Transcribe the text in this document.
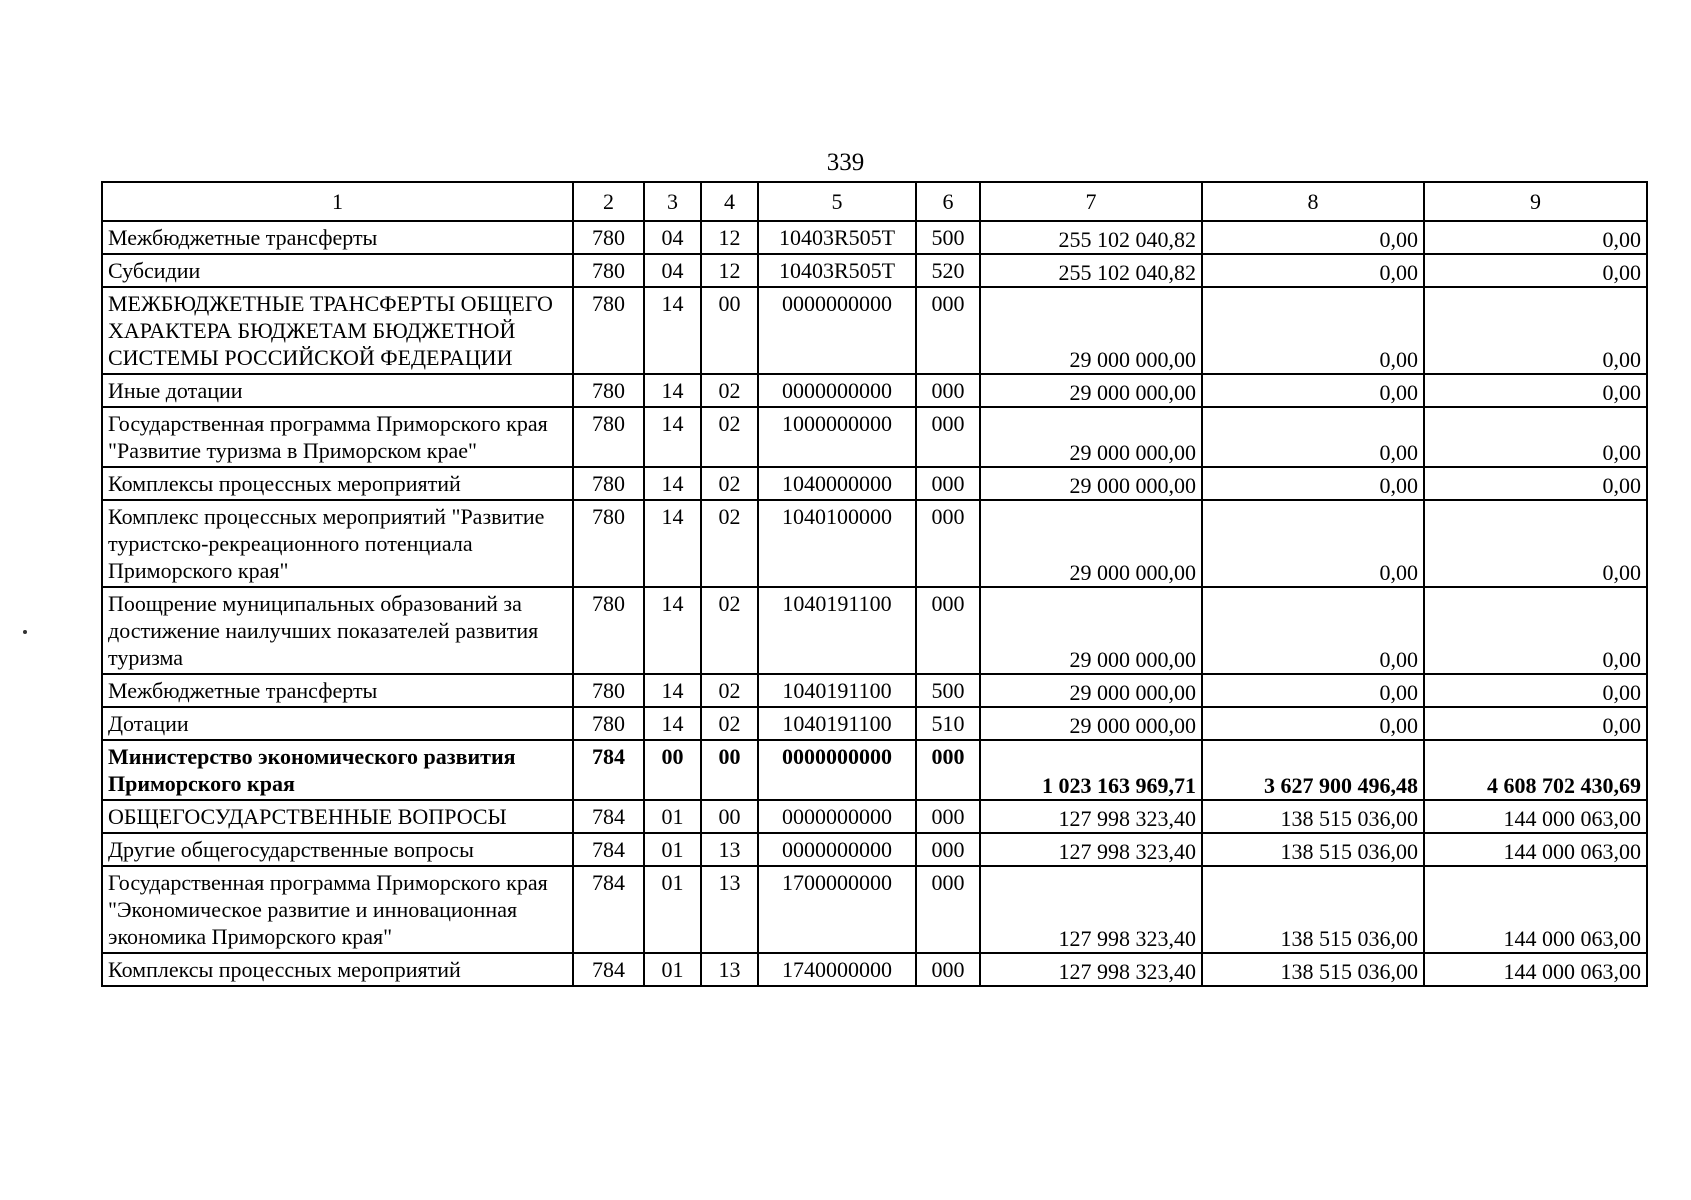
339
1	2	3	4	5	6	7	8	9
Межбюджетные трансферты	780	04	12	10403R505T	500	255 102 040,82	0,00	0,00
Субсидии	780	04	12	10403R505T	520	255 102 040,82	0,00	0,00
МЕЖБЮДЖЕТНЫЕ ТРАНСФЕРТЫ ОБЩЕГО ХАРАКТЕРА БЮДЖЕТАМ БЮДЖЕТНОЙ СИСТЕМЫ РОССИЙСКОЙ ФЕДЕРАЦИИ	780	14	00	0000000000	000	29 000 000,00	0,00	0,00
Иные дотации	780	14	02	0000000000	000	29 000 000,00	0,00	0,00
Государственная программа Приморского края "Развитие туризма в Приморском крае"	780	14	02	1000000000	000	29 000 000,00	0,00	0,00
Комплексы процессных мероприятий	780	14	02	1040000000	000	29 000 000,00	0,00	0,00
Комплекс процессных мероприятий "Развитие туристско-рекреационного потенциала Приморского края"	780	14	02	1040100000	000	29 000 000,00	0,00	0,00
Поощрение муниципальных образований за достижение наилучших показателей развития туризма	780	14	02	1040191100	000	29 000 000,00	0,00	0,00
Межбюджетные трансферты	780	14	02	1040191100	500	29 000 000,00	0,00	0,00
Дотации	780	14	02	1040191100	510	29 000 000,00	0,00	0,00
Министерство экономического развития Приморского края	784	00	00	0000000000	000	1 023 163 969,71	3 627 900 496,48	4 608 702 430,69
ОБЩЕГОСУДАРСТВЕННЫЕ ВОПРОСЫ	784	01	00	0000000000	000	127 998 323,40	138 515 036,00	144 000 063,00
Другие общегосударственные вопросы	784	01	13	0000000000	000	127 998 323,40	138 515 036,00	144 000 063,00
Государственная программа Приморского края "Экономическое развитие и инновационная экономика Приморского края"	784	01	13	1700000000	000	127 998 323,40	138 515 036,00	144 000 063,00
Комплексы процессных мероприятий	784	01	13	1740000000	000	127 998 323,40	138 515 036,00	144 000 063,00
